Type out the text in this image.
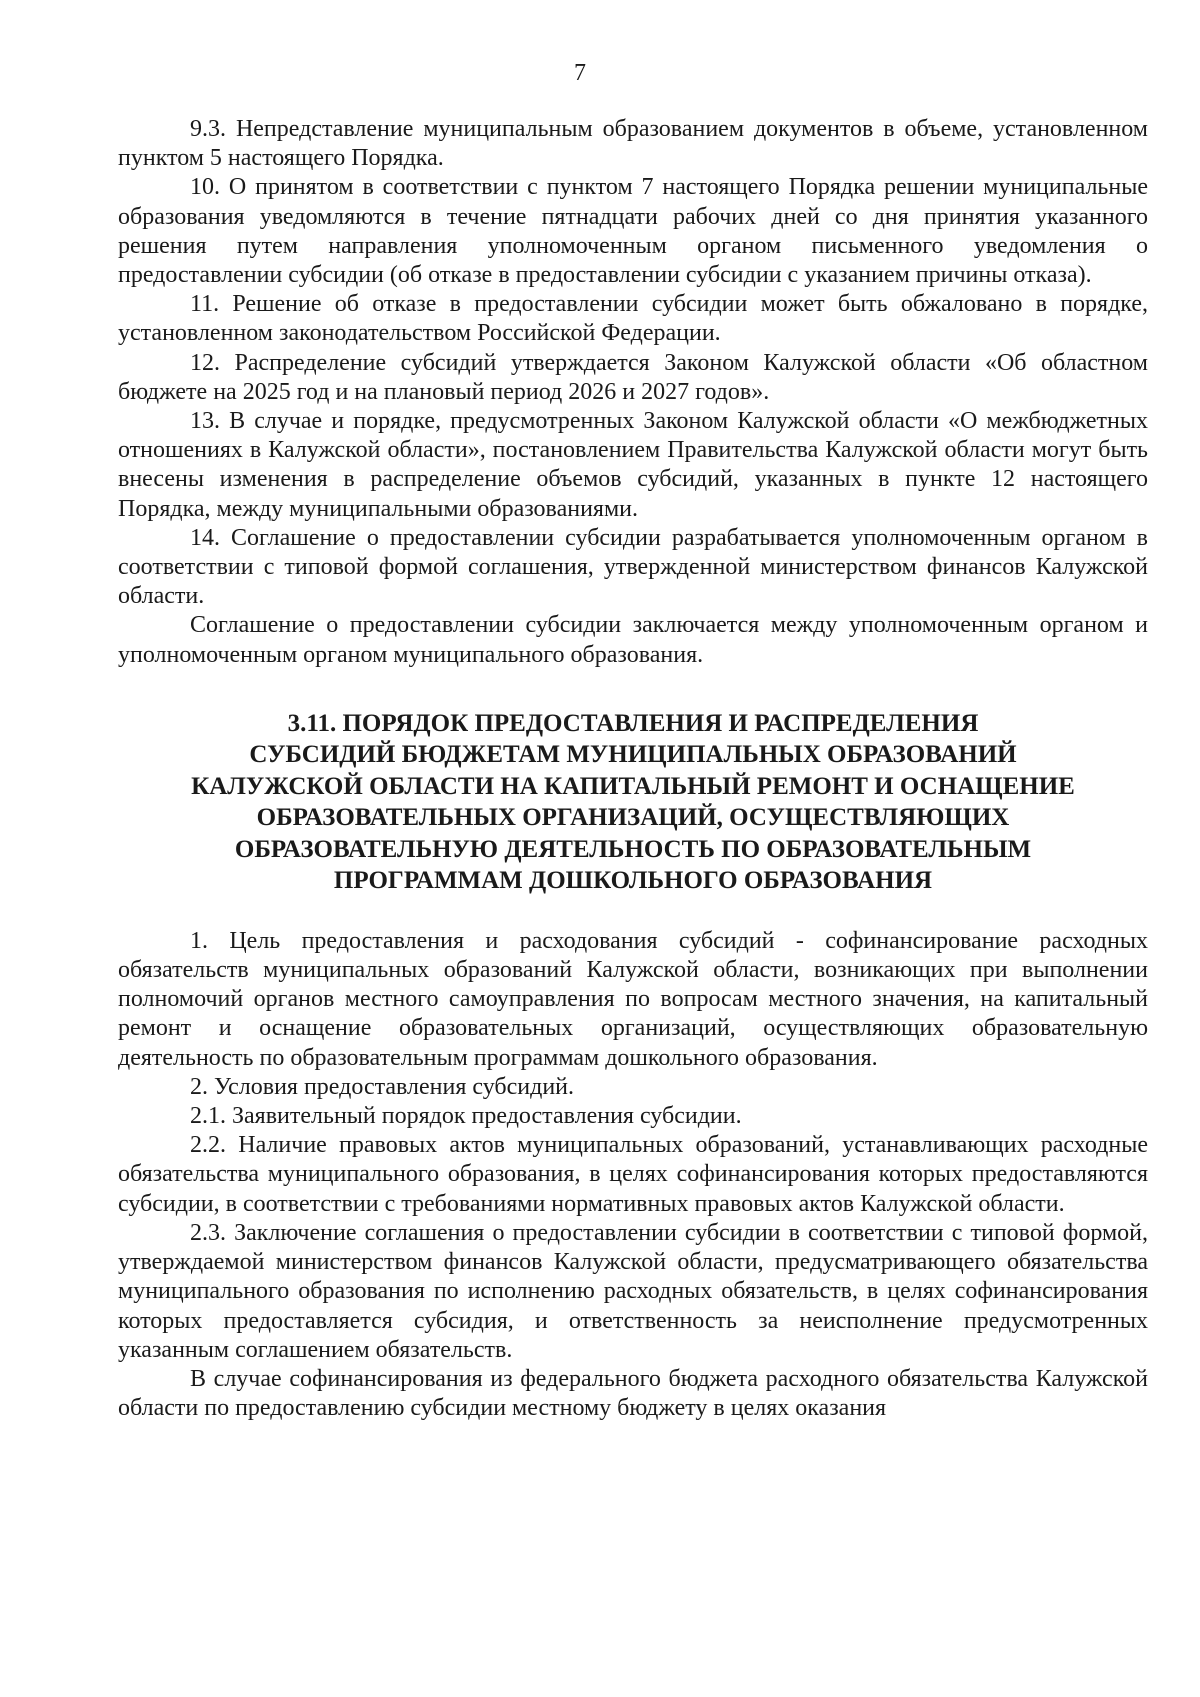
7

9.3. Непредставление муниципальным образованием документов в объеме, установленном пунктом 5 настоящего Порядка.

10. О принятом в соответствии с пунктом 7 настоящего Порядка решении муниципальные образования уведомляются в течение пятнадцати рабочих дней со дня принятия указанного решения путем направления уполномоченным органом письменного уведомления о предоставлении субсидии (об отказе в предоставлении субсидии с указанием причины отказа).

11. Решение об отказе в предоставлении субсидии может быть обжаловано в порядке, установленном законодательством Российской Федерации.

12. Распределение субсидий утверждается Законом Калужской области «Об областном бюджете на 2025 год и на плановый период 2026 и 2027 годов».

13. В случае и порядке, предусмотренных Законом Калужской области «О межбюджетных отношениях в Калужской области», постановлением Правительства Калужской области могут быть внесены изменения в распределение объемов субсидий, указанных в пункте 12 настоящего Порядка, между муниципальными образованиями.

14. Соглашение о предоставлении субсидии разрабатывается уполномоченным органом в соответствии с типовой формой соглашения, утвержденной министерством финансов Калужской области.

Соглашение о предоставлении субсидии заключается между уполномоченным органом и уполномоченным органом муниципального образования.

3.11. ПОРЯДОК ПРЕДОСТАВЛЕНИЯ И РАСПРЕДЕЛЕНИЯ
СУБСИДИЙ БЮДЖЕТАМ МУНИЦИПАЛЬНЫХ ОБРАЗОВАНИЙ
КАЛУЖСКОЙ ОБЛАСТИ НА КАПИТАЛЬНЫЙ РЕМОНТ И ОСНАЩЕНИЕ
ОБРАЗОВАТЕЛЬНЫХ ОРГАНИЗАЦИЙ, ОСУЩЕСТВЛЯЮЩИХ
ОБРАЗОВАТЕЛЬНУЮ ДЕЯТЕЛЬНОСТЬ ПО ОБРАЗОВАТЕЛЬНЫМ
ПРОГРАММАМ ДОШКОЛЬНОГО ОБРАЗОВАНИЯ

1. Цель предоставления и расходования субсидий - софинансирование расходных обязательств муниципальных образований Калужской области, возникающих при выполнении полномочий органов местного самоуправления по вопросам местного значения, на капитальный ремонт и оснащение образовательных организаций, осуществляющих образовательную деятельность по образовательным программам дошкольного образования.

2. Условия предоставления субсидий.

2.1. Заявительный порядок предоставления субсидии.

2.2. Наличие правовых актов муниципальных образований, устанавливающих расходные обязательства муниципального образования, в целях софинансирования которых предоставляются субсидии, в соответствии с требованиями нормативных правовых актов Калужской области.

2.3. Заключение соглашения о предоставлении субсидии в соответствии с типовой формой, утверждаемой министерством финансов Калужской области, предусматривающего обязательства муниципального образования по исполнению расходных обязательств, в целях софинансирования которых предоставляется субсидия, и ответственность за неисполнение предусмотренных указанным соглашением обязательств.

В случае софинансирования из федерального бюджета расходного обязательства Калужской области по предоставлению субсидии местному бюджету в целях оказания
